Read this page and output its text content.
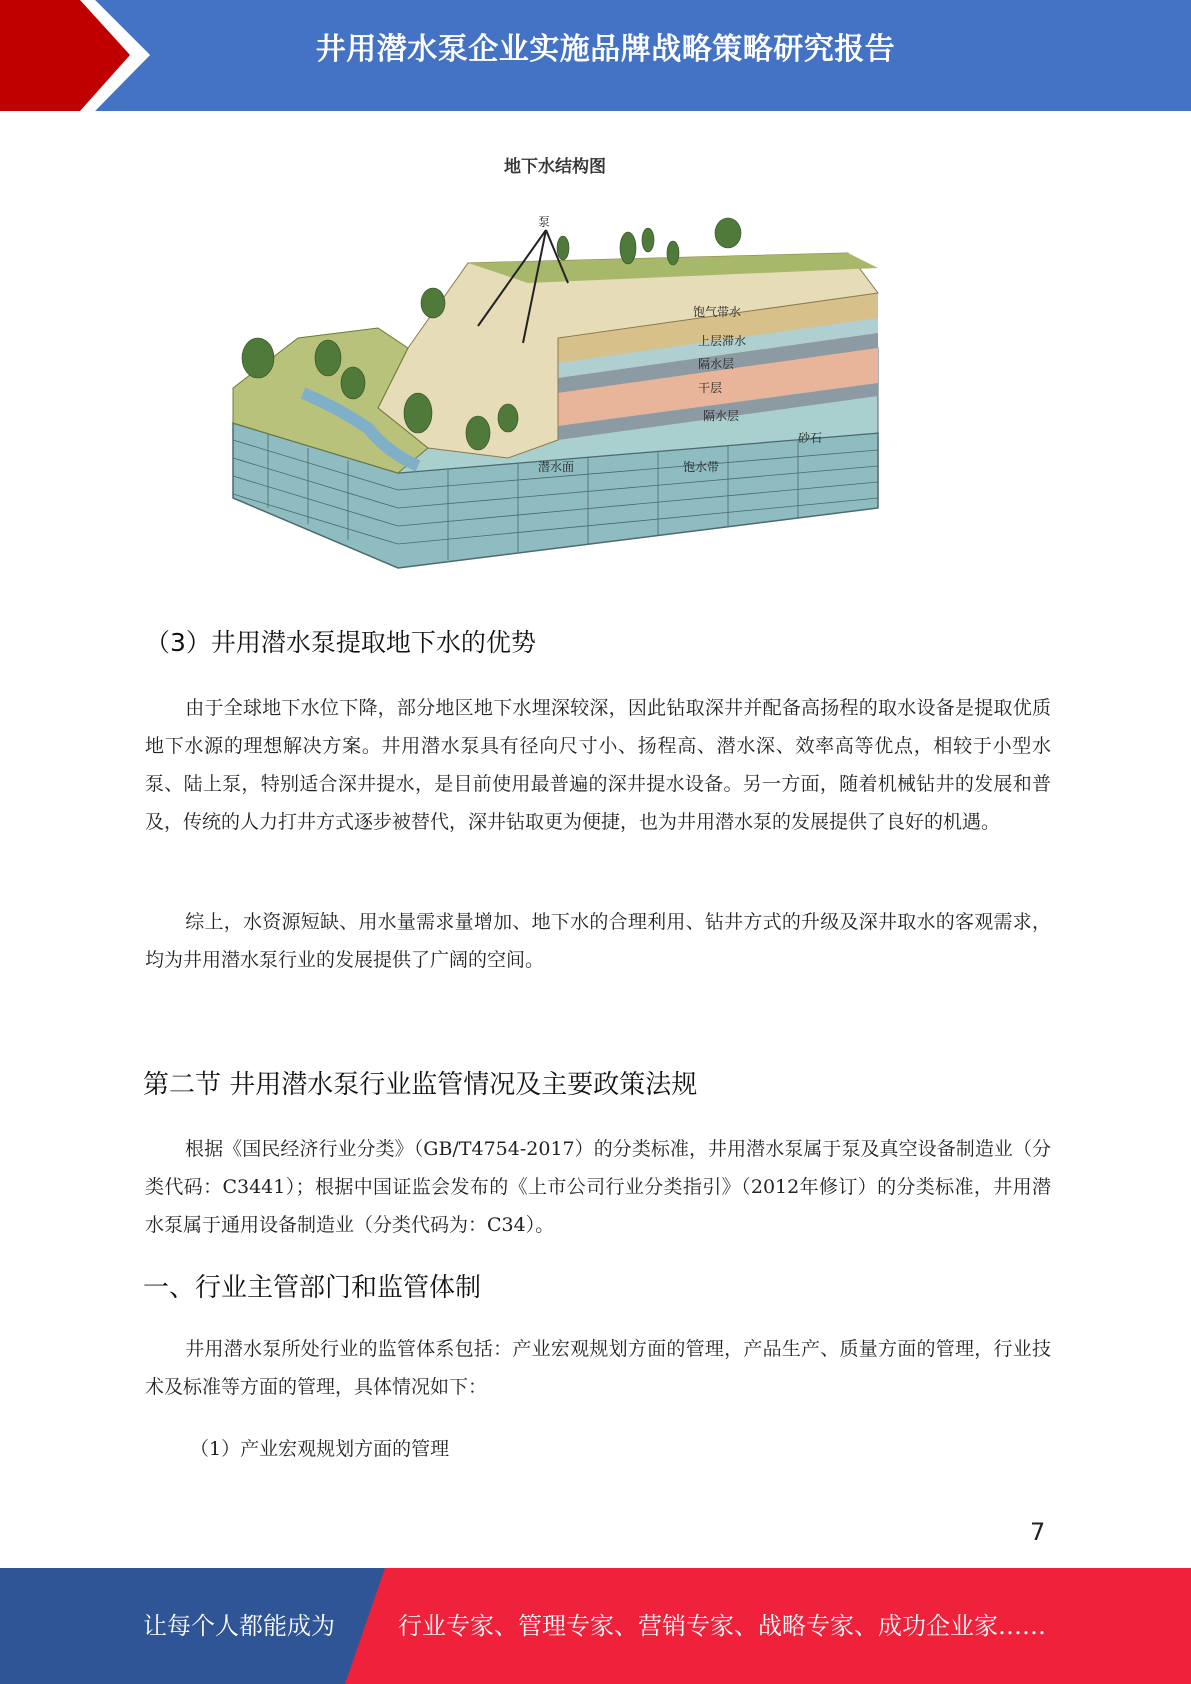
井用潜水泵企业实施品牌战略策略研究报告
地下水结构图
泵
饱气带水
上层滞水
隔水层
干层
隔水层
砂石
潜水面	饱水带
（3）井用潜水泵提取地下水的优势

由于全球地下水位下降，部分地区地下水埋深较深，因此钻取深井并配备高扬程的取水设备是提取优质地下水源的理想解决方案。井用潜水泵具有径向尺寸小、扬程高、潜水深、效率高等优点，相较于小型水泵、陆上泵，特别适合深井提水，是目前使用最普遍的深井提水设备。另一方面，随着机械钻井的发展和普及，传统的人力打井方式逐步被替代，深井钻取更为便捷，也为井用潜水泵的发展提供了良好的机遇。

综上，水资源短缺、用水量需求量增加、地下水的合理利用、钻井方式的升级及深井取水的客观需求，均为井用潜水泵行业的发展提供了广阔的空间。

第二节 井用潜水泵行业监管情况及主要政策法规

根据《国民经济行业分类》（GB/T4754-2017）的分类标准，井用潜水泵属于泵及真空设备制造业（分类代码：C3441）；根据中国证监会发布的《上市公司行业分类指引》（2012年修订）的分类标准，井用潜水泵属于通用设备制造业（分类代码为：C34）。

一、行业主管部门和监管体制

井用潜水泵所处行业的监管体系包括：产业宏观规划方面的管理，产品生产、质量方面的管理，行业技术及标准等方面的管理，具体情况如下：

（1）产业宏观规划方面的管理
7
让每个人都能成为	行业专家、管理专家、营销专家、战略专家、成功企业家……
